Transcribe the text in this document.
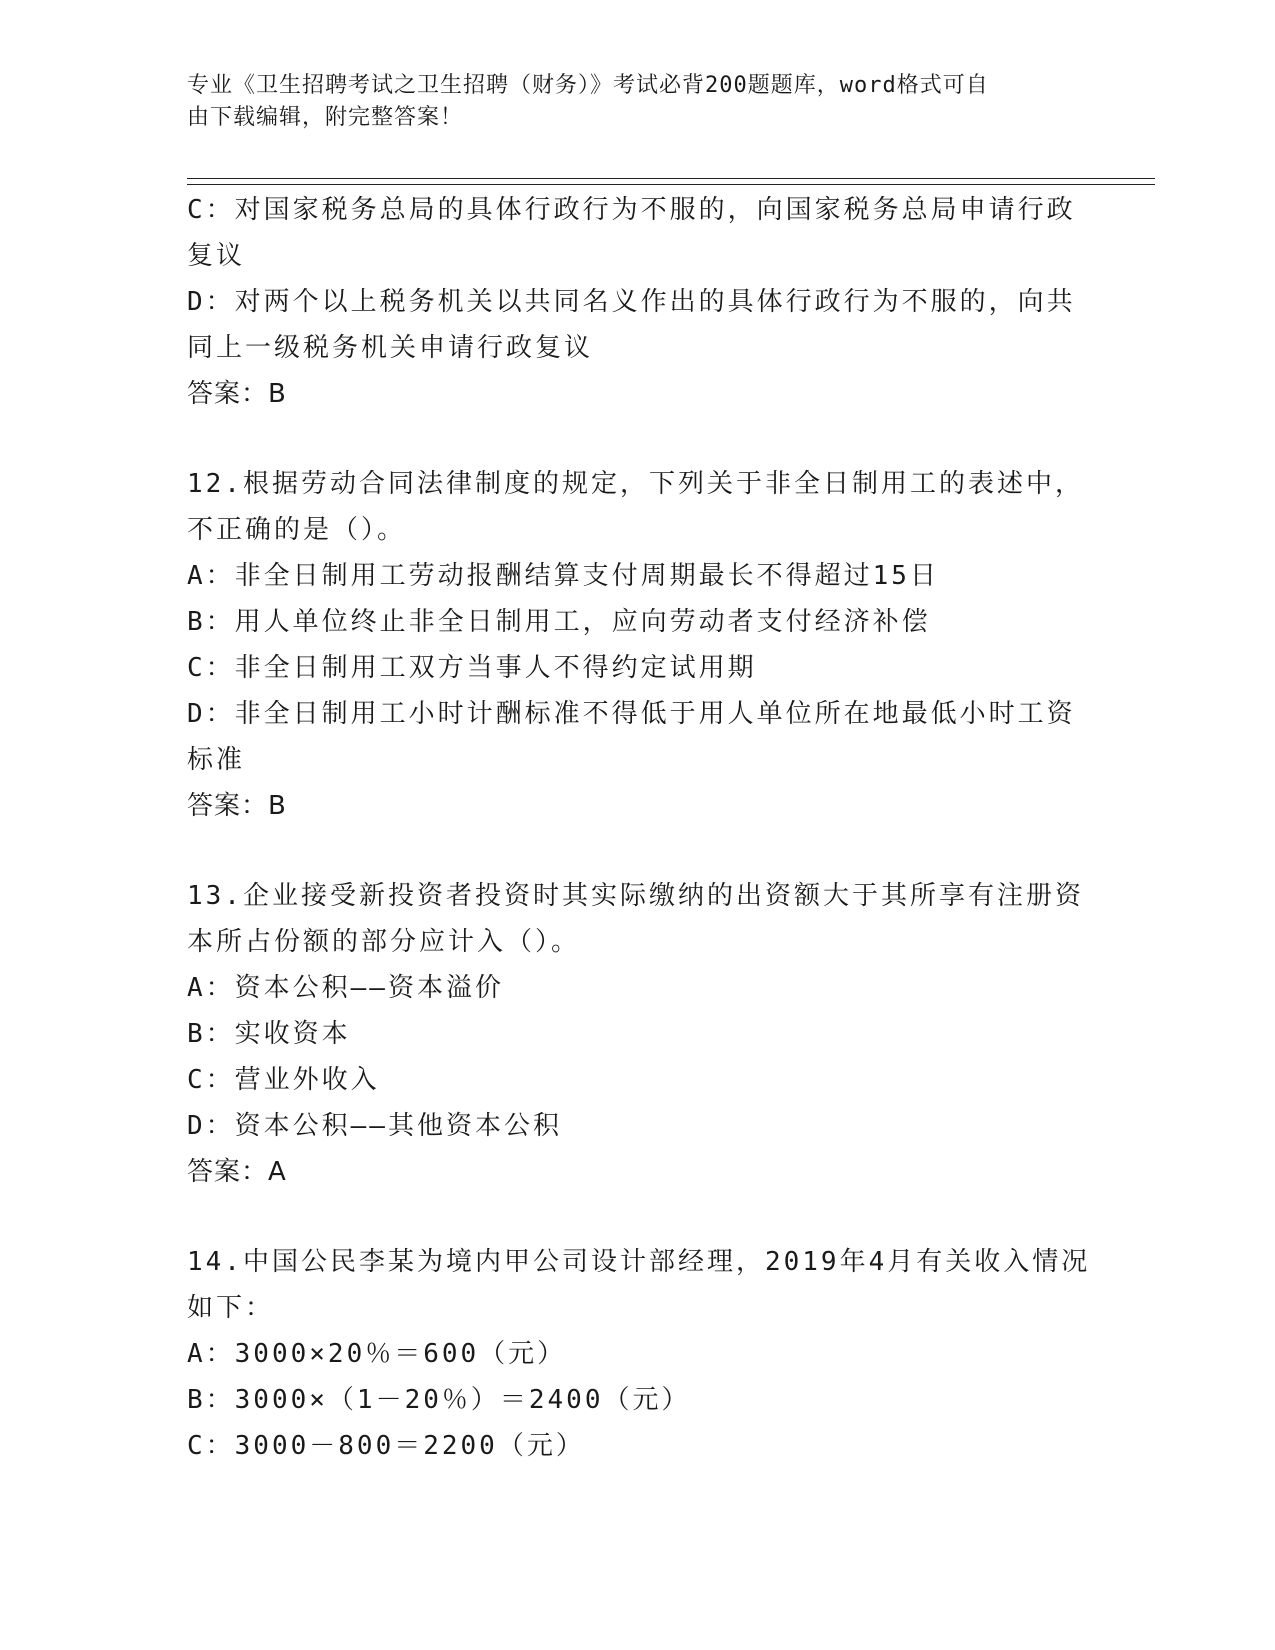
专业《卫生招聘考试之卫生招聘（财务）》考试必背200题题库，word格式可自
由下载编辑，附完整答案！
C：对国家税务总局的具体行政行为不服的，向国家税务总局申请行政
复议
D：对两个以上税务机关以共同名义作出的具体行政行为不服的，向共
同上一级税务机关申请行政复议
答案：B
12.根据劳动合同法律制度的规定，下列关于非全日制用工的表述中，
不正确的是（）。
A：非全日制用工劳动报酬结算支付周期最长不得超过15日
B：用人单位终止非全日制用工，应向劳动者支付经济补偿
C：非全日制用工双方当事人不得约定试用期
D：非全日制用工小时计酬标准不得低于用人单位所在地最低小时工资
标准
答案：B
13.企业接受新投资者投资时其实际缴纳的出资额大于其所享有注册资
本所占份额的部分应计入（）。
A：资本公积——资本溢价
B：实收资本
C：营业外收入
D：资本公积——其他资本公积
答案：A
14.中国公民李某为境内甲公司设计部经理，2019年4月有关收入情况
如下：
A：3000×20％＝600（元）
B：3000×（1－20％）＝2400（元）
C：3000－800＝2200（元）
